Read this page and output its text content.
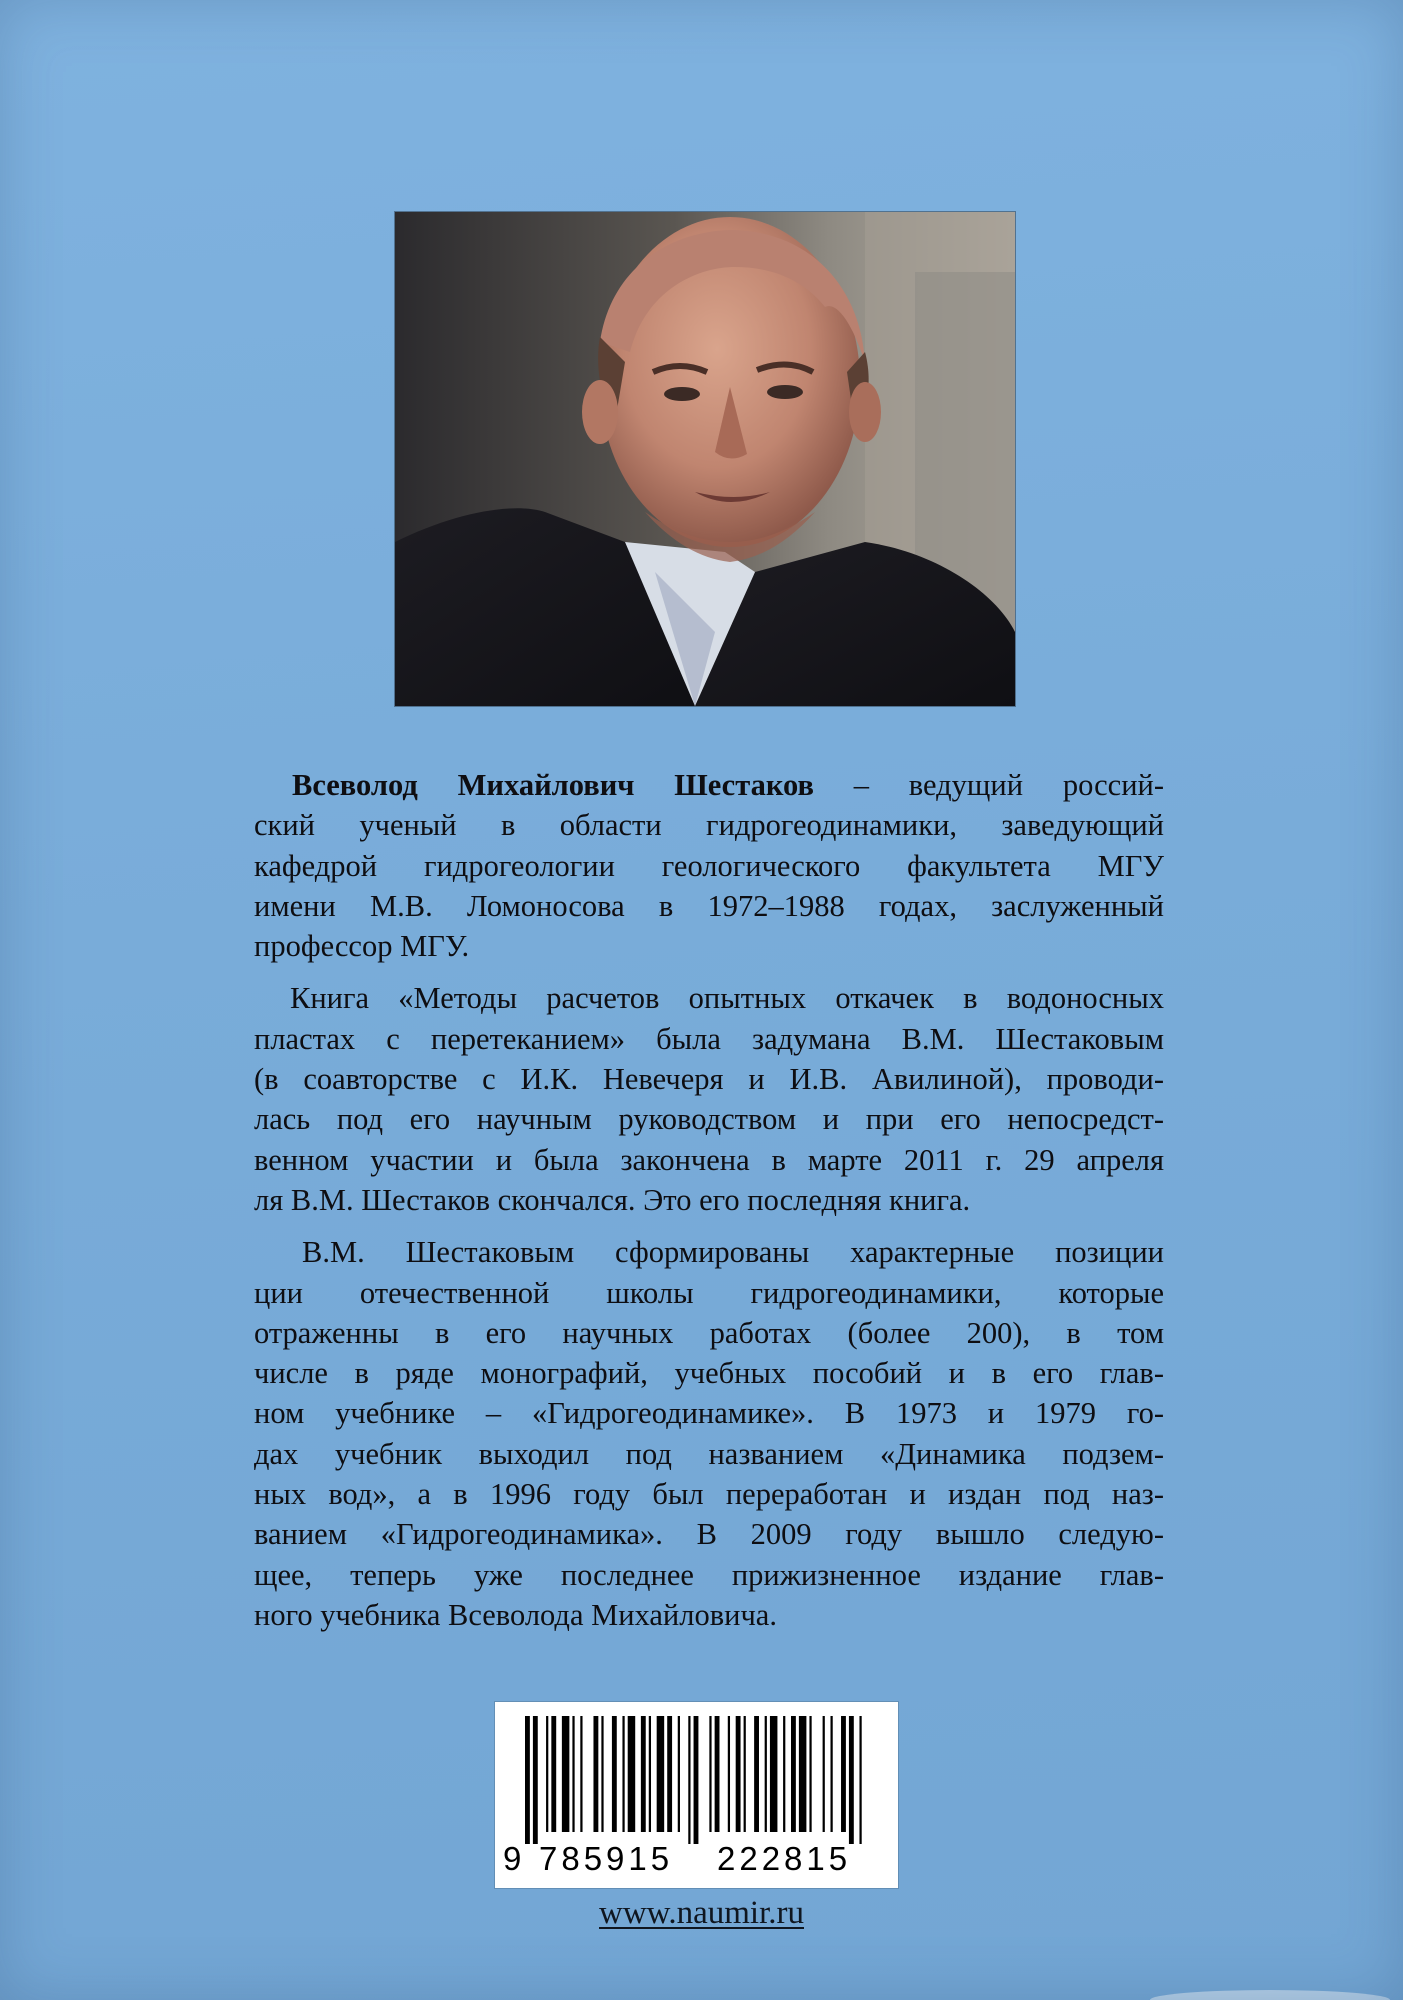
Всеволод Михайлович Шестаков – ведущий россий-
ский ученый в области гидрогеодинамики, заведующий
кафедрой гидрогеологии геологического факультета МГУ
имени М.В. Ломоносова в 1972–1988 годах, заслуженный
профессор МГУ.
Книга «Методы расчетов опытных откачек в водоносных
пластах с перетеканием» была задумана В.М. Шестаковым
(в соавторстве с И.К. Невечеря и И.В. Авилиной), проводи-
лась под его научным руководством и при его непосредст-
венном участии и была закончена в марте 2011 г. 29 апреля
ля В.М. Шестаков скончался. Это его последняя книга.
В.М. Шестаковым сформированы характерные позиции
ции отечественной школы гидрогеодинамики, которые
отраженны в его научных работах (более 200), в том
числе в ряде монографий, учебных пособий и в его глав-
ном учебнике – «Гидрогеодинамике». В 1973 и 1979 го-
дах учебник выходил под названием «Динамика подзем-
ных вод», а в 1996 году был переработан и издан под наз-
ванием «Гидрогеодинамика». В 2009 году вышло следую-
щее, теперь уже последнее прижизненное издание глав-
ного учебника Всеволода Михайловича.
9 785915 222815
www.naumir.ru
